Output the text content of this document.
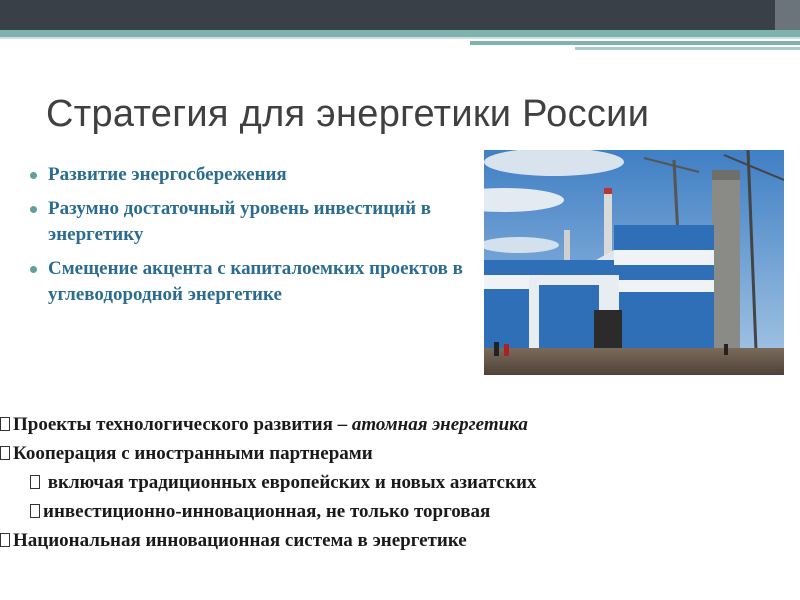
Стратегия для энергетики России
Развитие энергосбережения
Разумно достаточный уровень инвестиций в энергетику
Смещение акцента с капиталоемких проектов в углеводородной энергетике
Проекты технологического развития – атомная энергетика
Кооперация с иностранными партнерами
включая традиционных европейских и новых азиатских
инвестиционно-инновационная, не только торговая
Национальная инновационная система в энергетике
